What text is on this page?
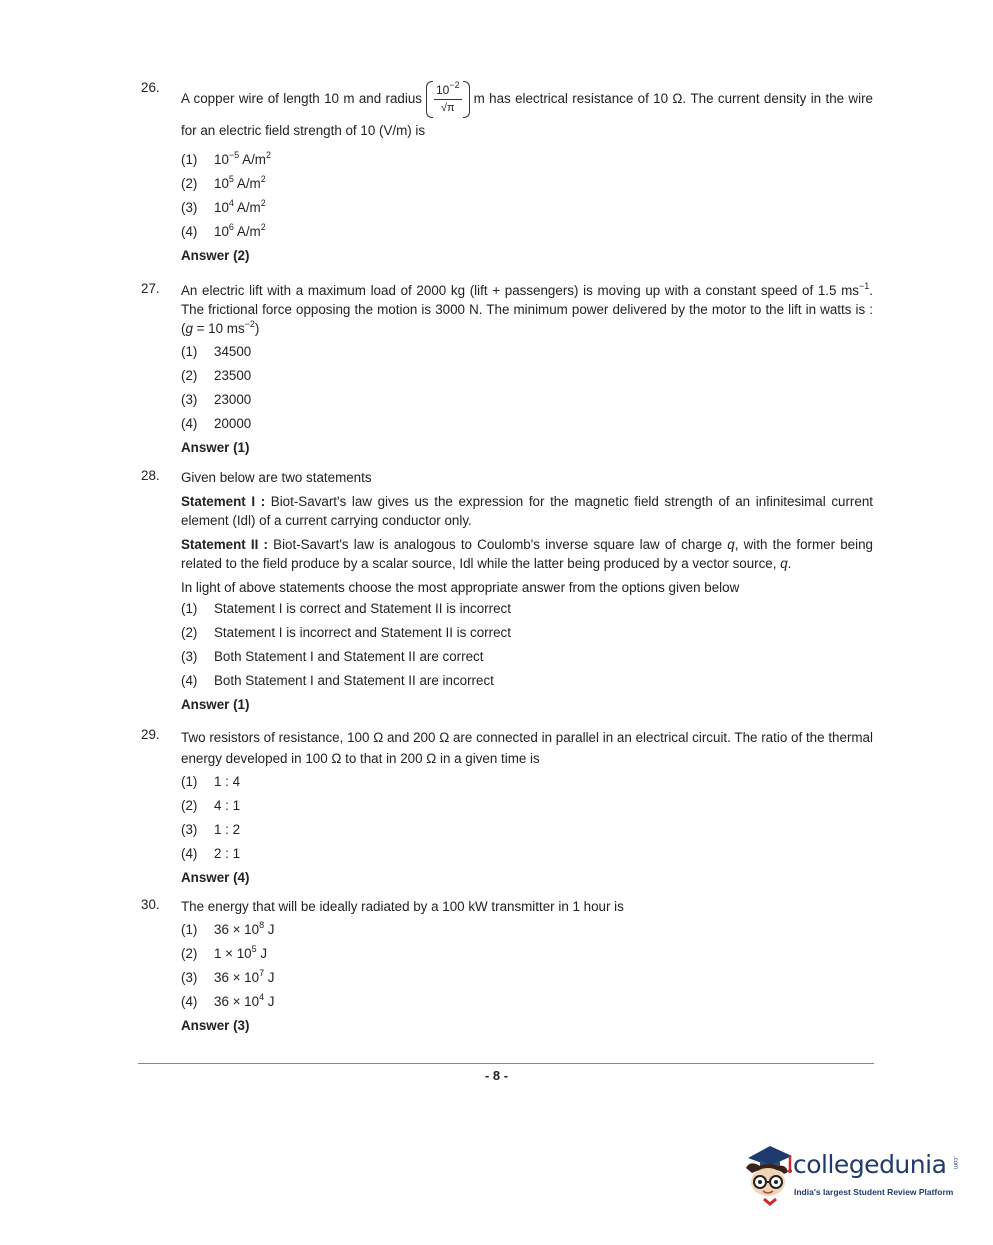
26.
A copper wire of length 10 m and radius $\frac{10^{-2}}{√\pi}$ m has electrical resistance of 10 Ω. The current density in the wire for an electric field strength of 10 (V/m) is
(1) $10^{-5}$ $A/m^2$
(2) $10^5$ $A/m^2$
(3) $10^4$ $A/m^2$
(4) $10^6$ $A/m^2$
Answer (2)
27.	An electric lift with a maximum load of 2000 kg (lift + passengers) is moving up with a constant speed of 1.5 $ms^{-1}$. The frictional force opposing the motion is 3000 N. The minimum power delivered by the motor to the lift in watts is : (g = 10 $ms^{-2}$)
(1) 34500
(2) 23500
(3) 23000
(4) 20000
Answer (1)
28.	Given below are two statements
Statement I : Biot-Savart's law gives us the expression for the magnetic field strength of an infinitesimal current element (Idl) of a current carrying conductor only.
Statement II : Biot-Savart's law is analogous to Coulomb's inverse square law of charge q, with the former being related to the field produce by a scalar source, Idl while the latter being produced by a vector source, q.
In light of above statements choose the most appropriate answer from the options given below
(1) Statement I is correct and Statement II is incorrect
(2) Statement I is incorrect and Statement II is correct
(3) Both Statement I and Statement II are correct
(4) Both Statement I and Statement II are incorrect
Answer (1)
29.	Two resistors of resistance, 100 Ω and 200 Ω are connected in parallel in an electrical circuit. The ratio of the thermal energy developed in 100 Ω to that in 200 Ω in a given time is
(1) 1 : 4
(2) 4 : 1
(3) 1 : 2
(4) 2 : 1
Answer (4)
30.	The energy that will be ideally radiated by a 100 kW transmitter in 1 hour is
(1) $36 \times 10^8$ J
(2) $1 \times 10^5$ J
(3) $36 \times 10^7$ J
(4) $36 \times 10^4$ J
Answer (3)
- 8 -
collegedunia .com
India's largest Student Review Platform
